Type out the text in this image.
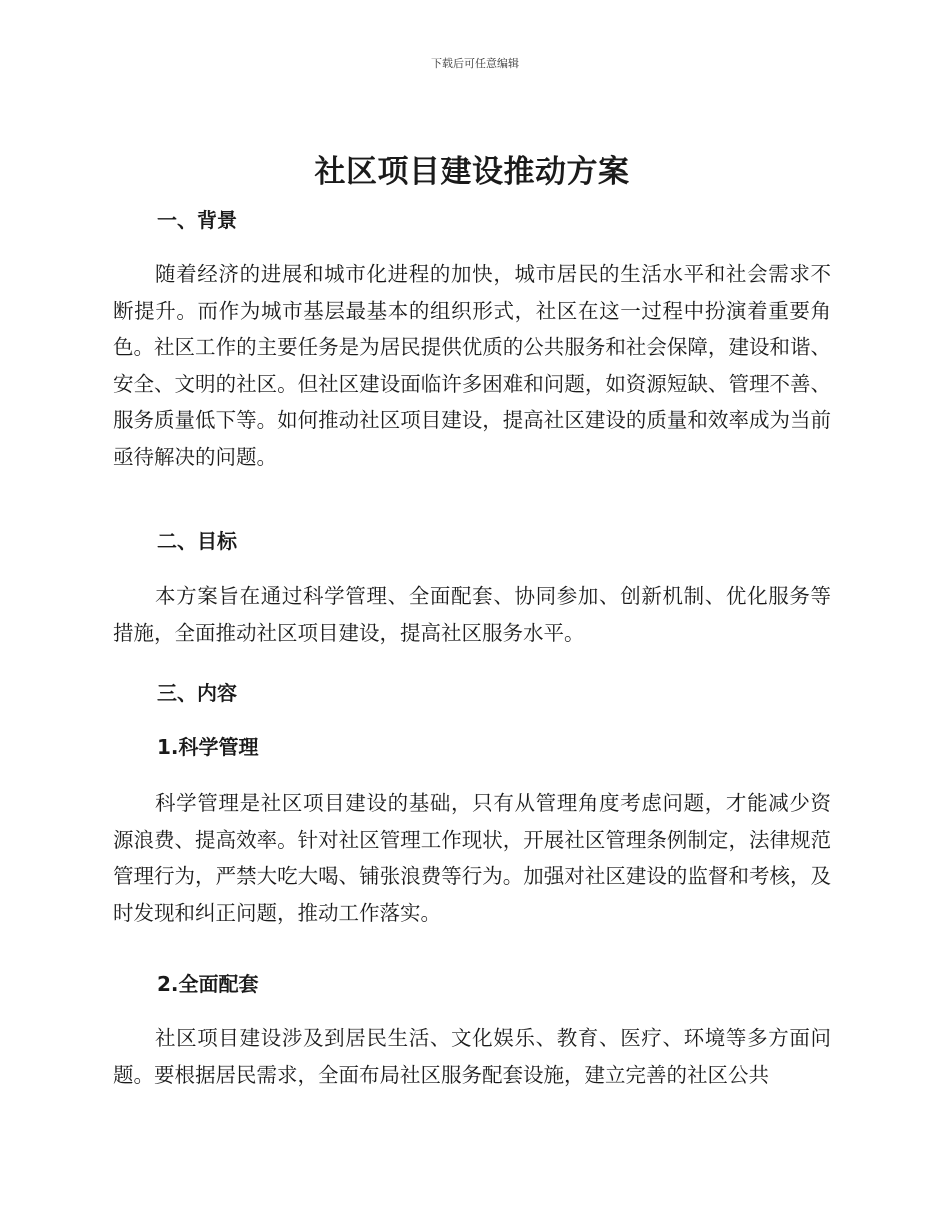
下载后可任意编辑
社区项目建设推动方案
一、背景

随着经济的进展和城市化进程的加快，城市居民的生活水平和社会需求不断提升。而作为城市基层最基本的组织形式，社区在这一过程中扮演着重要角色。社区工作的主要任务是为居民提供优质的公共服务和社会保障，建设和谐、安全、文明的社区。但社区建设面临许多困难和问题，如资源短缺、管理不善、服务质量低下等。如何推动社区项目建设，提高社区建设的质量和效率成为当前亟待解决的问题。

二、目标

本方案旨在通过科学管理、全面配套、协同参加、创新机制、优化服务等措施，全面推动社区项目建设，提高社区服务水平。

三、内容
1.科学管理

科学管理是社区项目建设的基础，只有从管理角度考虑问题，才能减少资源浪费、提高效率。针对社区管理工作现状，开展社区管理条例制定，法律规范管理行为，严禁大吃大喝、铺张浪费等行为。加强对社区建设的监督和考核，及时发现和纠正问题，推动工作落实。

2.全面配套

社区项目建设涉及到居民生活、文化娱乐、教育、医疗、环境等多方面问题。要根据居民需求，全面布局社区服务配套设施，建立完善的社区公共
